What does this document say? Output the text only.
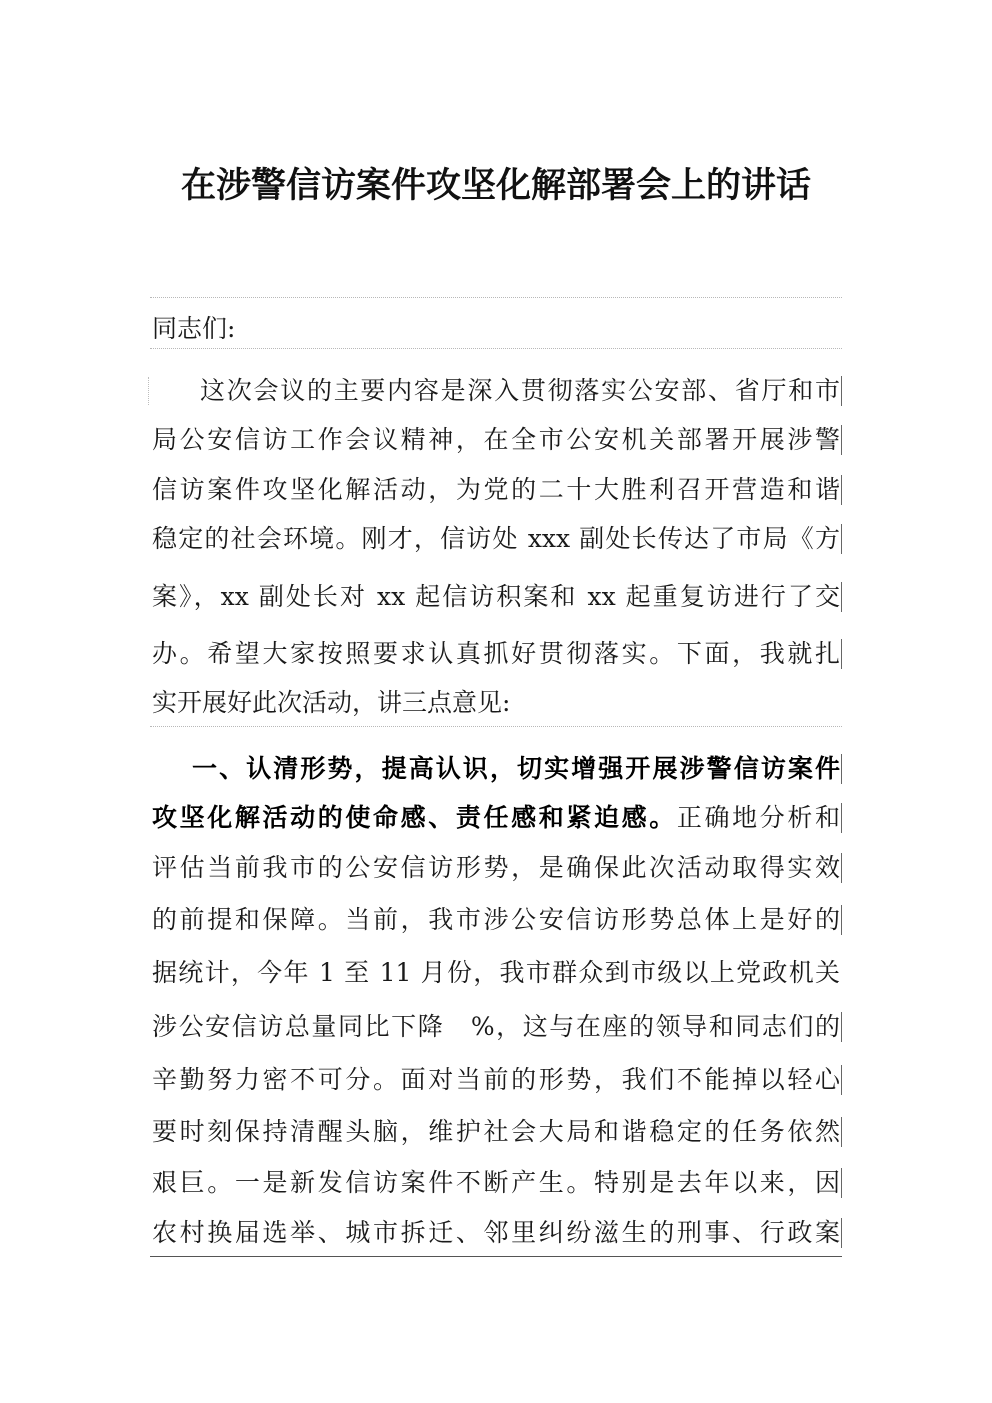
在涉警信访案件攻坚化解部署会上的讲话
同志们:
这次会议的主要内容是深入贯彻落实公安部、省厅和市
局公安信访工作会议精神，在全市公安机关部署开展涉警
信访案件攻坚化解活动，为党的二十大胜利召开营造和谐
稳定的社会环境。刚才，信访处 xxx 副处长传达了市局《方
案》，xx 副处长对 xx 起信访积案和 xx 起重复访进行了交
办。希望大家按照要求认真抓好贯彻落实。下面，我就扎
实开展好此次活动，讲三点意见:
一、认清形势，提高认识，切实增强开展涉警信访案件
攻坚化解活动的使命感、责任感和紧迫感。正确地分析和
评估当前我市的公安信访形势，是确保此次活动取得实效
的前提和保障。当前，我市涉公安信访形势总体上是好的
据统计，今年 1 至 11 月份，我市群众到市级以上党政机关
涉公安信访总量同比下降　%，这与在座的领导和同志们的
辛勤努力密不可分。面对当前的形势，我们不能掉以轻心
要时刻保持清醒头脑，维护社会大局和谐稳定的任务依然
艰巨。一是新发信访案件不断产生。特别是去年以来，因
农村换届选举、城市拆迁、邻里纠纷滋生的刑事、行政案
